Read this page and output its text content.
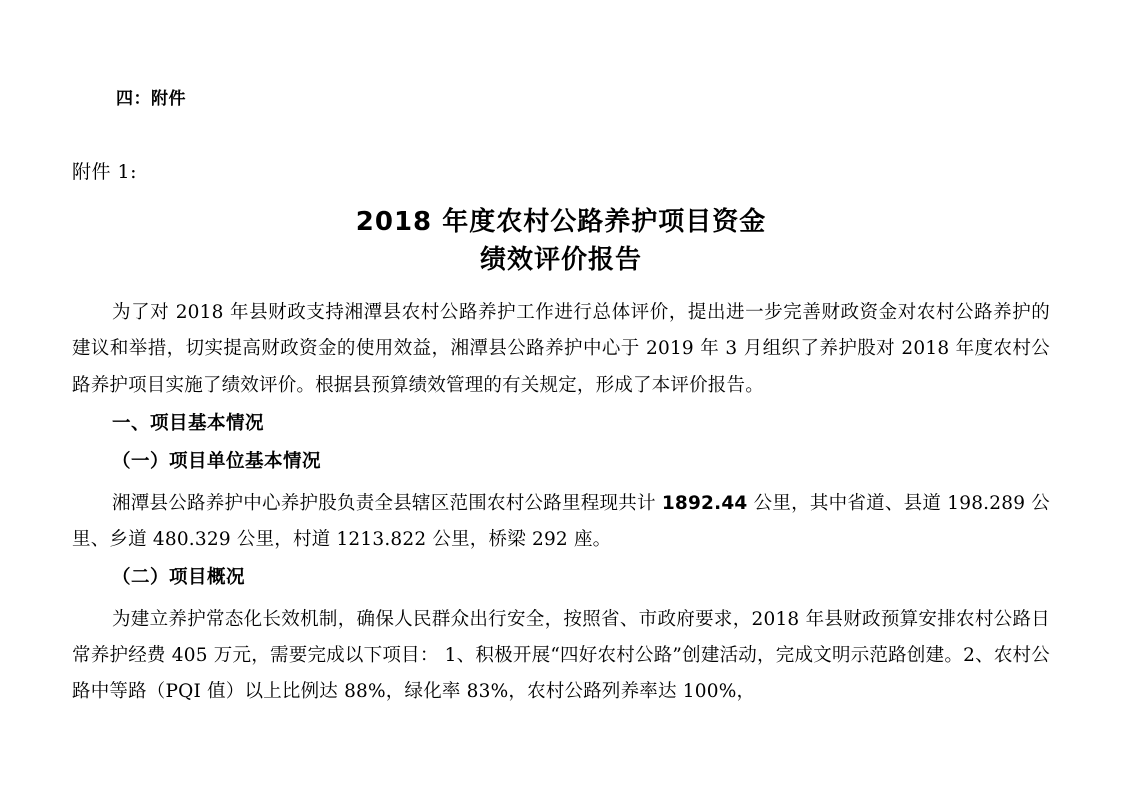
四：附件
附件 1:
2018 年度农村公路养护项目资金
绩效评价报告

为了对 2018 年县财政支持湘潭县农村公路养护工作进行总体评价，提出进一步完善财政资金对农村公路养护的建议和举措，切实提高财政资金的使用效益，湘潭县公路养护中心于 2019 年 3 月组织了养护股对 2018 年度农村公路养护项目实施了绩效评价。根据县预算绩效管理的有关规定，形成了本评价报告。

一、项目基本情况

（一）项目单位基本情况

湘潭县公路养护中心养护股负责全县辖区范围农村公路里程现共计 1892.44 公里，其中省道、县道 198.289 公里、乡道 480.329 公里，村道 1213.822 公里，桥梁 292 座。

（二）项目概况

为建立养护常态化长效机制，确保人民群众出行安全，按照省、市政府要求，2018 年县财政预算安排农村公路日常养护经费 405 万元，需要完成以下项目： 1、积极开展“四好农村公路”创建活动，完成文明示范路创建。2、农村公路中等路（PQI 值）以上比例达 88%，绿化率 83%，农村公路列养率达 100%，
